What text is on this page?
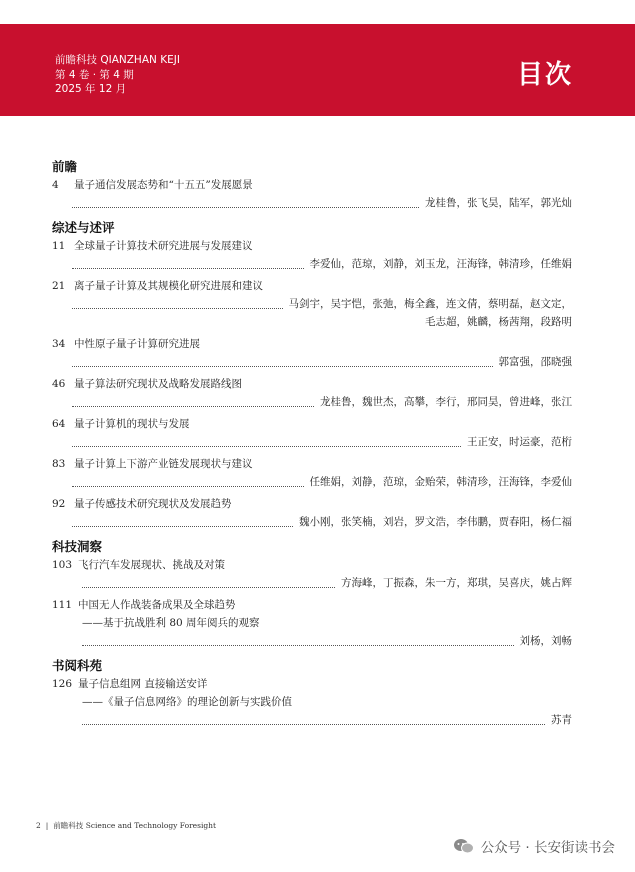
前瞻科技 QIANZHAN KEJI
第 4 卷 · 第 4 期
2025 年 12 月	目次
前瞻
4	量子通信发展态势和“十五五”发展愿景
龙桂鲁，张飞昊，陆军，郭光灿
综述与述评
11 全球量子计算技术研究进展与发展建议
李爱仙，范琼，刘静，刘玉龙，汪海锋，韩清珍，任维娟
21 离子量子计算及其规模化研究进展和建议
马剑宇，吴宇恺，张弛，梅全鑫，连文倩，蔡明磊，赵文定，
毛志超，姚麟，杨茜翔，段路明
34 中性原子量子计算研究进展
郭富强，邵晓强
46 量子算法研究现状及战略发展路线图
龙桂鲁，魏世杰，高攀，李行，邢同昊，曾进峰，张江
64 量子计算机的现状与发展
王正安，时运豪，范桁
83 量子计算上下游产业链发展现状与建议
任维娟，刘静，范琼，金贻荣，韩清珍，汪海锋，李爱仙
92 量子传感技术研究现状及发展趋势
魏小刚，张笑楠，刘岩，罗文浩，李伟鹏，贾春阳，杨仁福
科技洞察
103 飞行汽车发展现状、挑战及对策
方海峰，丁振森，朱一方，郑琪，吴喜庆，姚占辉
111 中国无人作战装备成果及全球趋势
——基于抗战胜利 80 周年阅兵的观察
刘杨，刘畅
书阅科苑
126 量子信息组网 直接输送安详
——《量子信息网络》的理论创新与实践价值
苏青
2 | 前瞻科技 Science and Technology Foresight
公众号 · 长安街读书会
